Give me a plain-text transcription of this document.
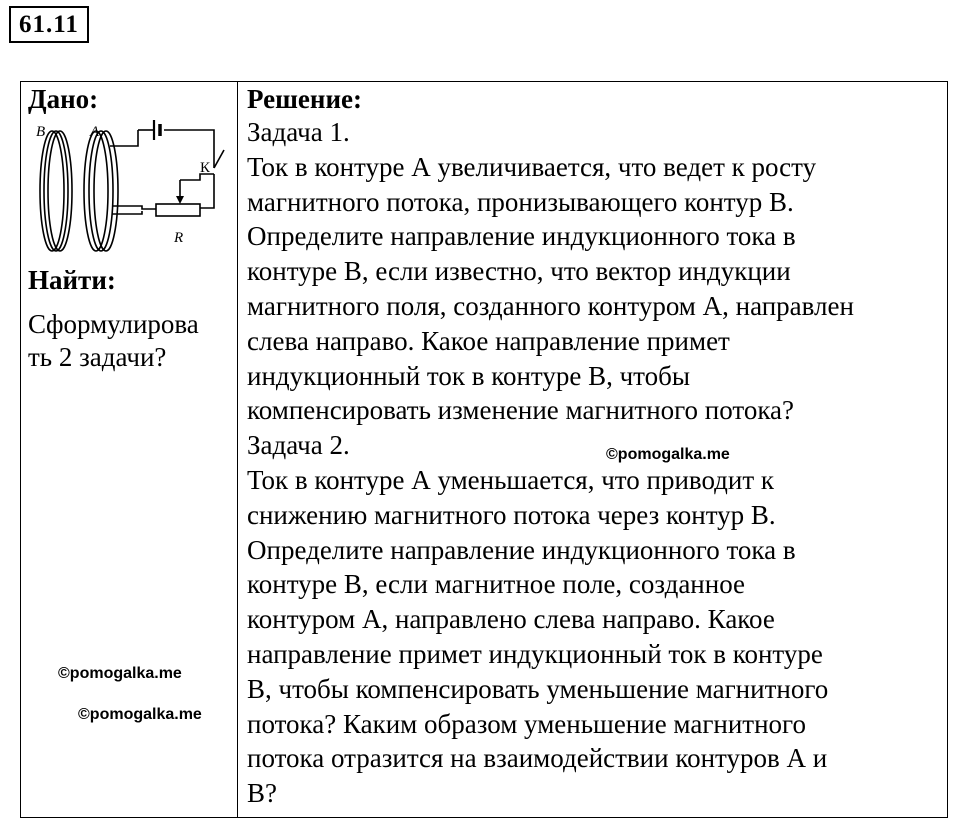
61.11

Дано:

B	A
К
R

Найти:

Сформулирова
ть 2 задачи?
Решение:
Задача 1.
Ток в контуре А увеличивается, что ведет к росту
магнитного потока, пронизывающего контур В.
Определите направление индукционного тока в
контуре В, если известно, что вектор индукции
магнитного поля, созданного контуром А, направлен
слева направо. Какое направление примет
индукционный ток в контуре В, чтобы
компенсировать изменение магнитного потока?
Задача 2.
Ток в контуре А уменьшается, что приводит к
снижению магнитного потока через контур В.
Определите направление индукционного тока в
контуре В, если магнитное поле, созданное
контуром А, направлено слева направо. Какое
направление примет индукционный ток в контуре
В, чтобы компенсировать уменьшение магнитного
потока? Каким образом уменьшение магнитного
потока отразится на взаимодействии контуров А и
В?
©pomogalka.me
©pomogalka.me
©pomogalka.me
